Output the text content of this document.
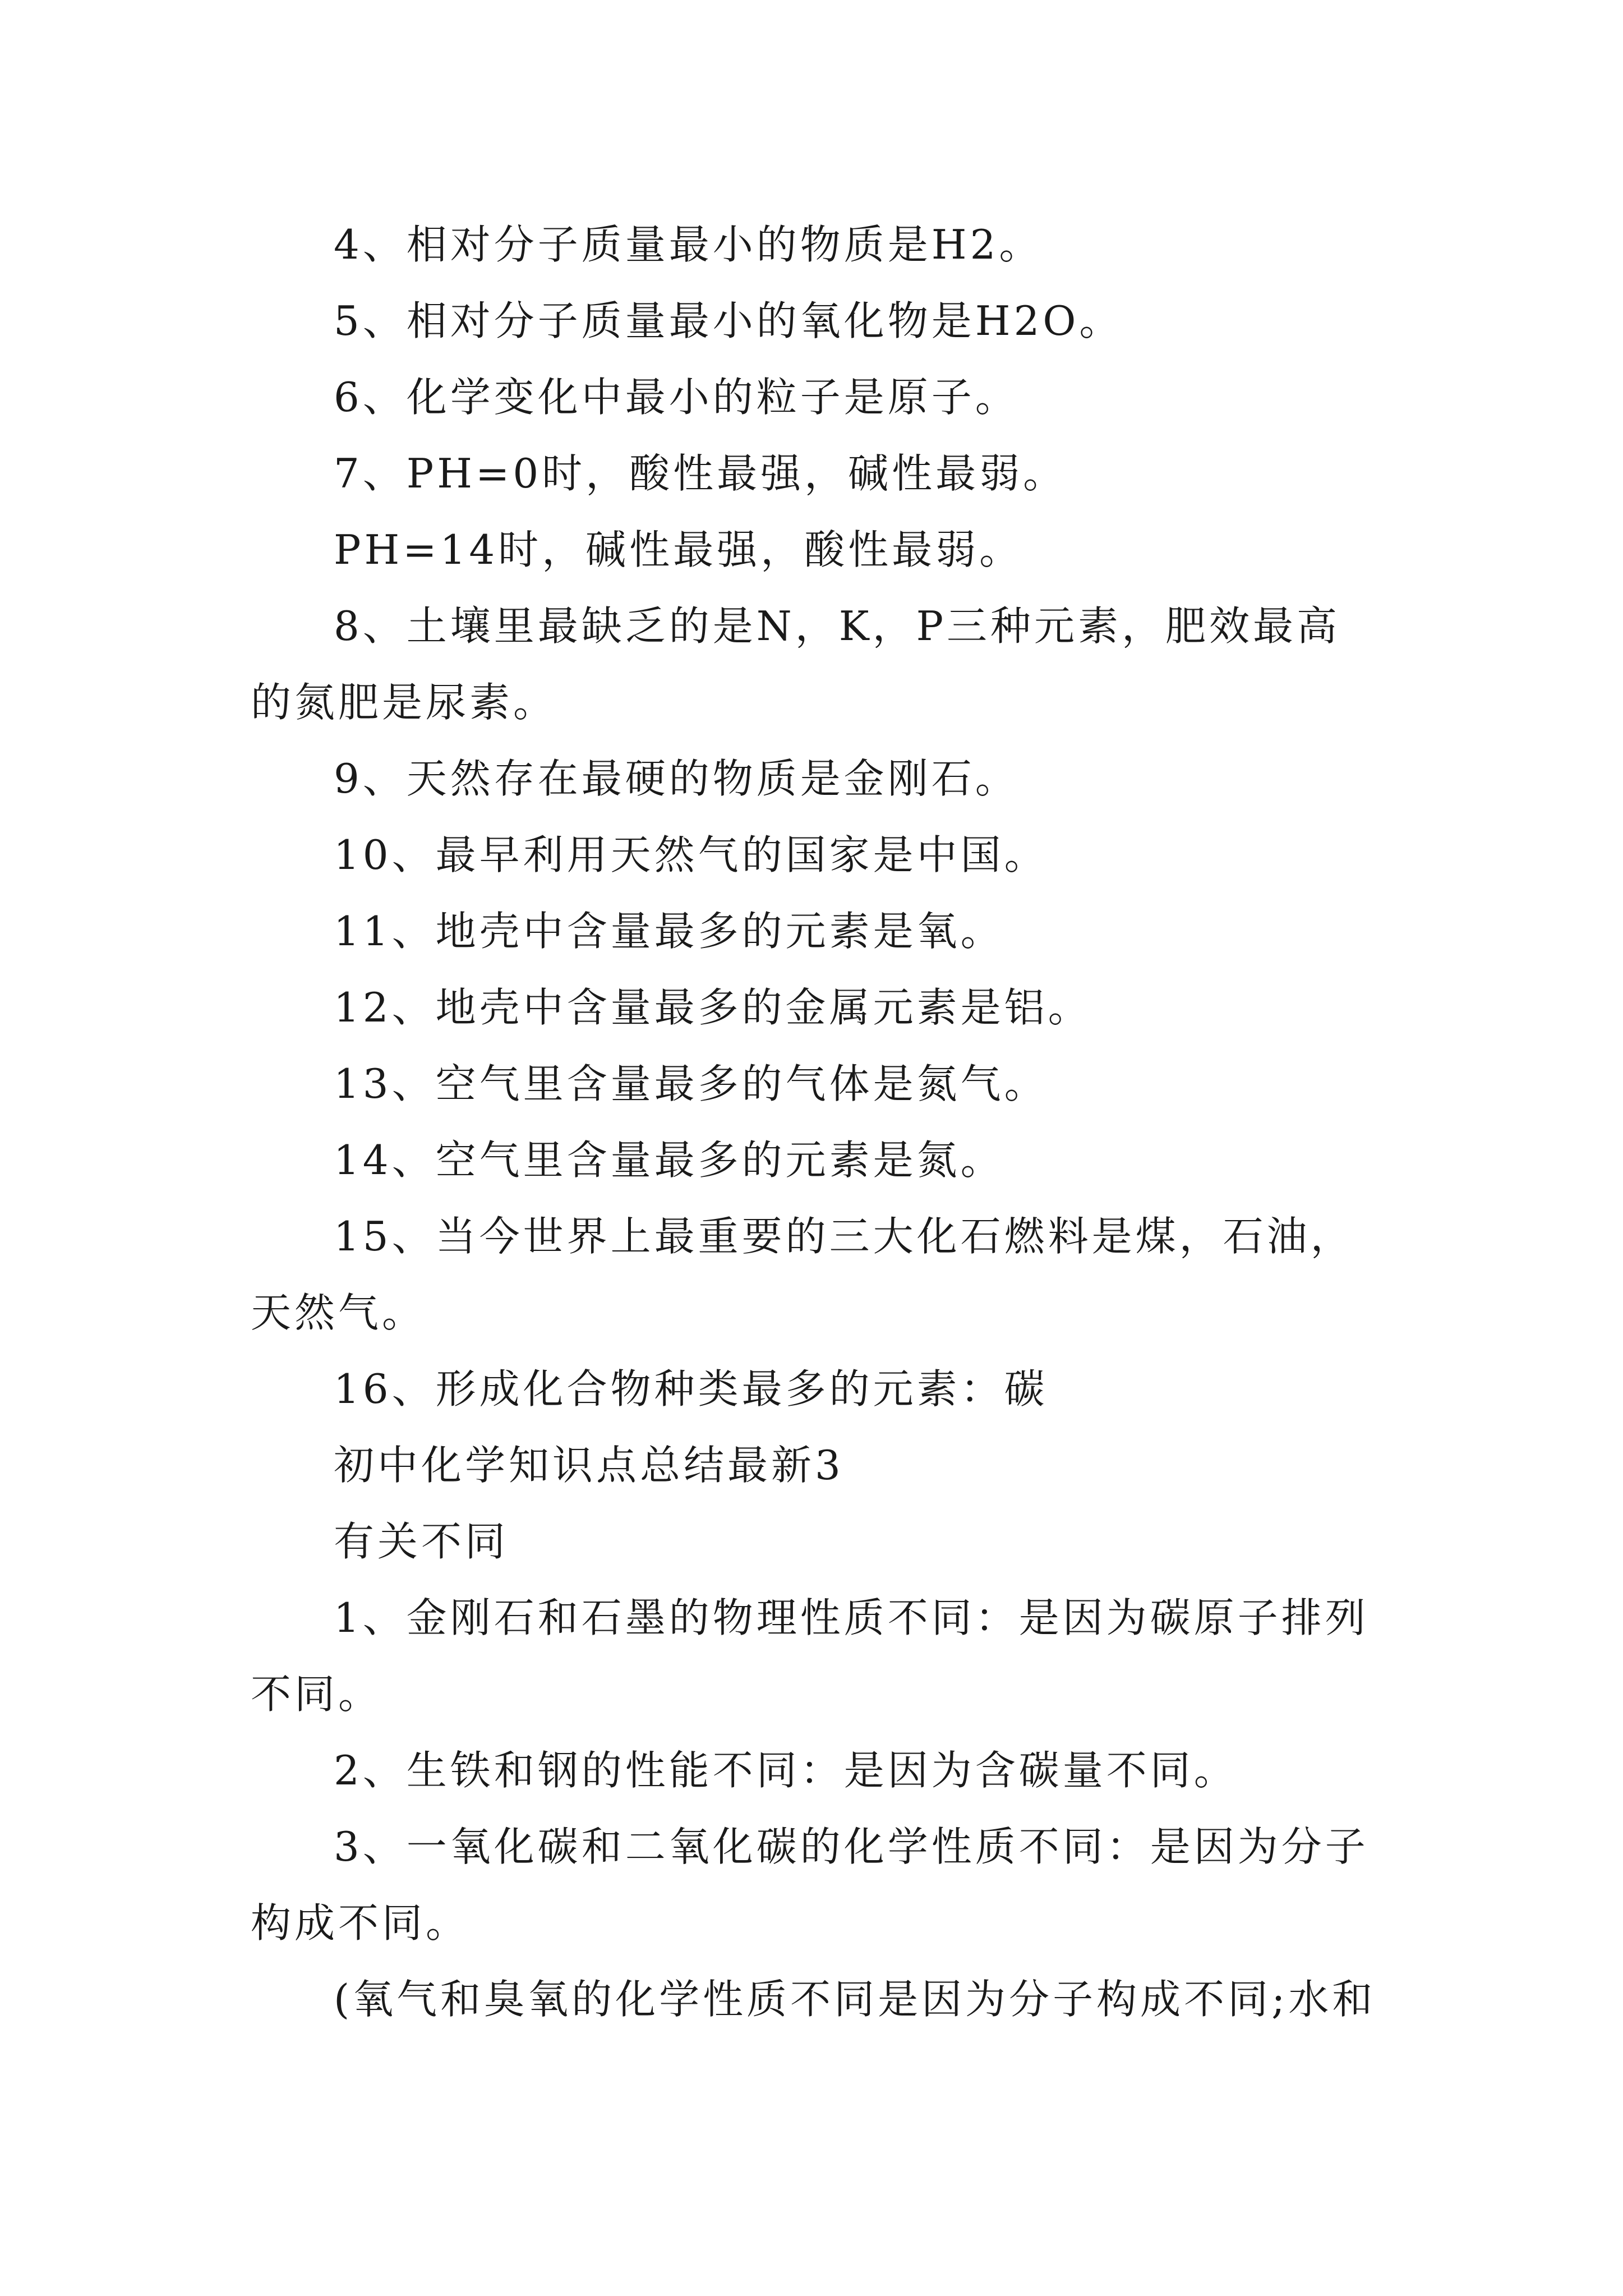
4、相对分子质量最小的物质是H2。

5、相对分子质量最小的氧化物是H2O。

6、化学变化中最小的粒子是原子。

7、PH=0时，酸性最强，碱性最弱。

PH=14时，碱性最强，酸性最弱。

8、土壤里最缺乏的是N，K，P三种元素，肥效最高的氮肥是尿素。

9、天然存在最硬的物质是金刚石。

10、最早利用天然气的国家是中国。

11、地壳中含量最多的元素是氧。

12、地壳中含量最多的金属元素是铝。

13、空气里含量最多的气体是氮气。

14、空气里含量最多的元素是氮。

15、当今世界上最重要的三大化石燃料是煤，石油，天然气。

16、形成化合物种类最多的元素：碳

初中化学知识点总结最新3

有关不同

1、金刚石和石墨的物理性质不同：是因为碳原子排列不同。

2、生铁和钢的性能不同：是因为含碳量不同。

3、一氧化碳和二氧化碳的化学性质不同：是因为分子构成不同。

(氧气和臭氧的化学性质不同是因为分子构成不同;水和
